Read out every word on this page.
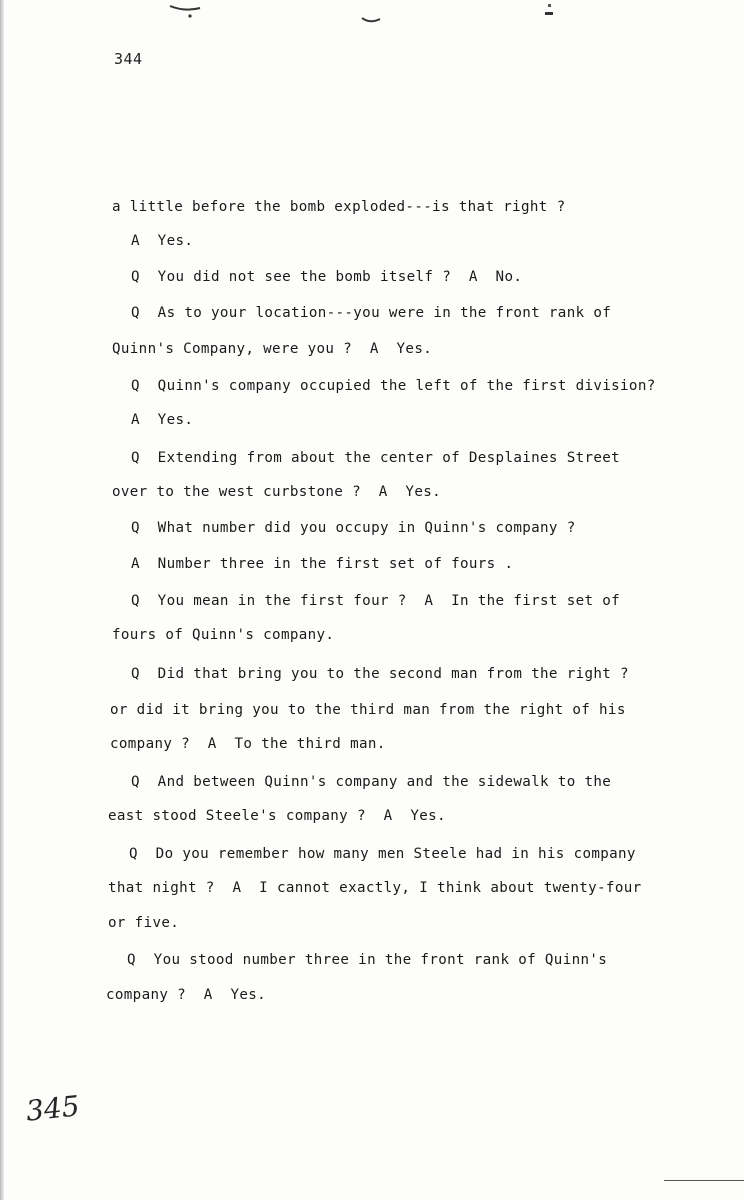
344
a little before the bomb exploded---is that right ?
A  Yes.
Q  You did not see the bomb itself ?  A  No.
Q  As to your location---you were in the front rank of
Quinn's Company, were you ?  A  Yes.
Q  Quinn's company occupied the left of the first division?
A  Yes.
Q  Extending from about the center of Desplaines Street
over to the west curbstone ?  A  Yes.
Q  What number did you occupy in Quinn's company ?
A  Number three in the first set of fours .
Q  You mean in the first four ?  A  In the first set of
fours of Quinn's company.
Q  Did that bring you to the second man from the right ?
or did it bring you to the third man from the right of his
company ?  A  To the third man.
Q  And between Quinn's company and the sidewalk to the
east stood Steele's company ?  A  Yes.
Q  Do you remember how many men Steele had in his company
that night ?  A  I cannot exactly, I think about twenty-four
or five.
Q  You stood number three in the front rank of Quinn's
company ?  A  Yes.
345
